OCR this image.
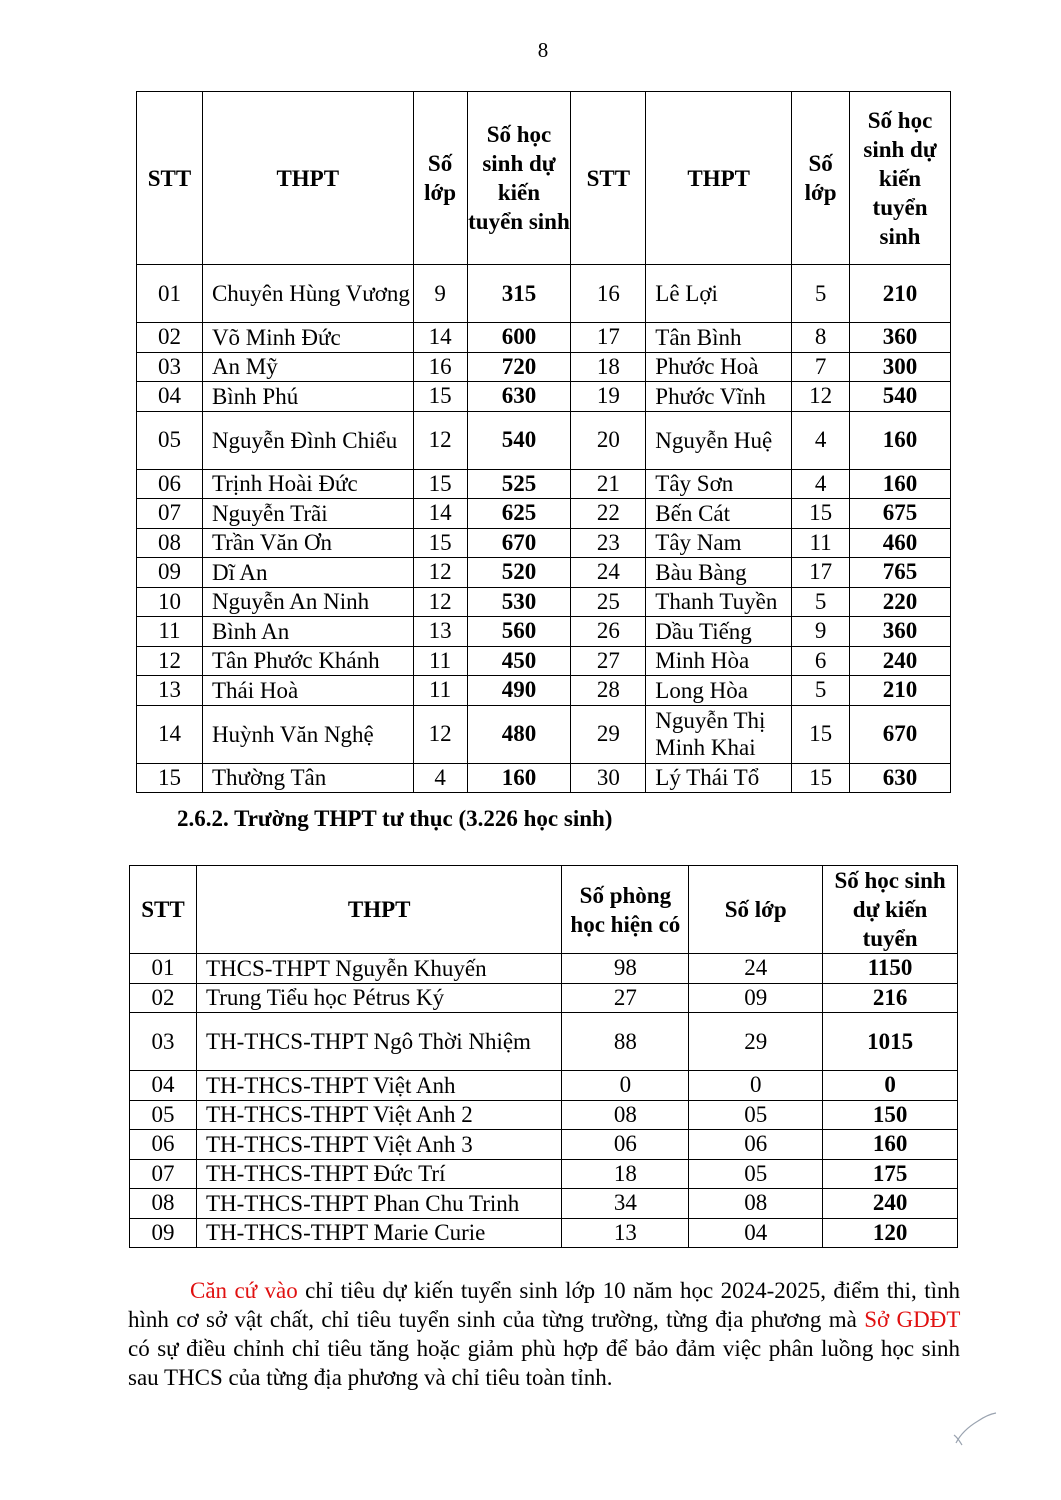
8
STT	THPT	Số lớp	Số học sinh dự kiến tuyển sinh	STT	THPT	Số lớp	Số học sinh dự kiến tuyển sinh
01	Chuyên Hùng Vương	9	315	16	Lê Lợi	5	210
02	Võ Minh Đức	14	600	17	Tân Bình	8	360
03	An Mỹ	16	720	18	Phước Hoà	7	300
04	Bình Phú	15	630	19	Phước Vĩnh	12	540
05	Nguyễn Đình Chiểu	12	540	20	Nguyễn Huệ	4	160
06	Trịnh Hoài Đức	15	525	21	Tây Sơn	4	160
07	Nguyễn Trãi	14	625	22	Bến Cát	15	675
08	Trần Văn Ơn	15	670	23	Tây Nam	11	460
09	Dĩ An	12	520	24	Bàu Bàng	17	765
10	Nguyễn An Ninh	12	530	25	Thanh Tuyền	5	220
11	Bình An	13	560	26	Dầu Tiếng	9	360
12	Tân Phước Khánh	11	450	27	Minh Hòa	6	240
13	Thái Hoà	11	490	28	Long Hòa	5	210
14	Huỳnh Văn Nghệ	12	480	29	Nguyễn Thị Minh Khai	15	670
15	Thường Tân	4	160	30	Lý Thái Tổ	15	630
2.6.2. Trường THPT tư thục (3.226 học sinh)
STT	THPT	Số phòng học hiện có	Số lớp	Số học sinh dự kiến tuyển
01	THCS-THPT Nguyễn Khuyến	98	24	1150
02	Trung Tiểu học Pétrus Ký	27	09	216
03	TH-THCS-THPT Ngô Thời Nhiệm	88	29	1015
04	TH-THCS-THPT Việt Anh	0	0	0
05	TH-THCS-THPT Việt Anh 2	08	05	150
06	TH-THCS-THPT Việt Anh 3	06	06	160
07	TH-THCS-THPT Đức Trí	18	05	175
08	TH-THCS-THPT Phan Chu Trinh	34	08	240
09	TH-THCS-THPT Marie Curie	13	04	120

Căn cứ vào chỉ tiêu dự kiến tuyển sinh lớp 10 năm học 2024-2025, điểm thi, tình hình cơ sở vật chất, chỉ tiêu tuyển sinh của từng trường, từng địa phương mà Sở GDĐT có sự điều chỉnh chỉ tiêu tăng hoặc giảm phù hợp để bảo đảm việc phân luồng học sinh sau THCS của từng địa phương và chỉ tiêu toàn tỉnh.
